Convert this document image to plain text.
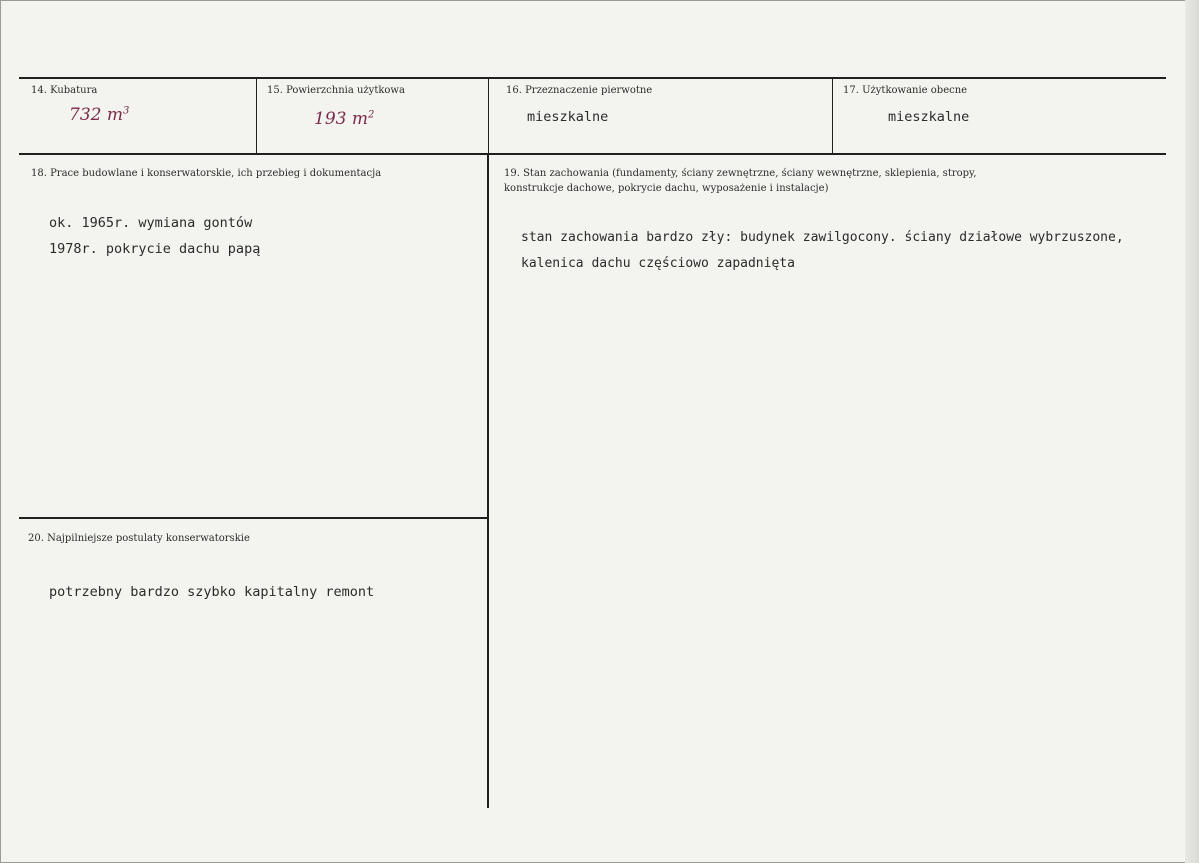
14. Kubatura
732 $m^3$
15. Powierzchnia użytkowa
193 $m^2$
16. Przeznaczenie pierwotne
mieszkalne
17. Użytkowanie obecne
mieszkalne
18. Prace budowlane i konserwatorskie, ich przebieg i dokumentacja
ok. 1965r. wymiana gontów
1978r. pokrycie dachu papą
19. Stan zachowania (fundamenty, ściany zewnętrzne, ściany wewnętrzne, sklepienia, stropy,
konstrukcje dachowe, pokrycie dachu, wyposażenie i instalacje)
stan zachowania bardzo zły: budynek zawilgocony. ściany działowe wybrzuszone,
kalenica dachu częściowo zapadnięta
20. Najpilniejsze postulaty konserwatorskie
potrzebny bardzo szybko kapitalny remont
